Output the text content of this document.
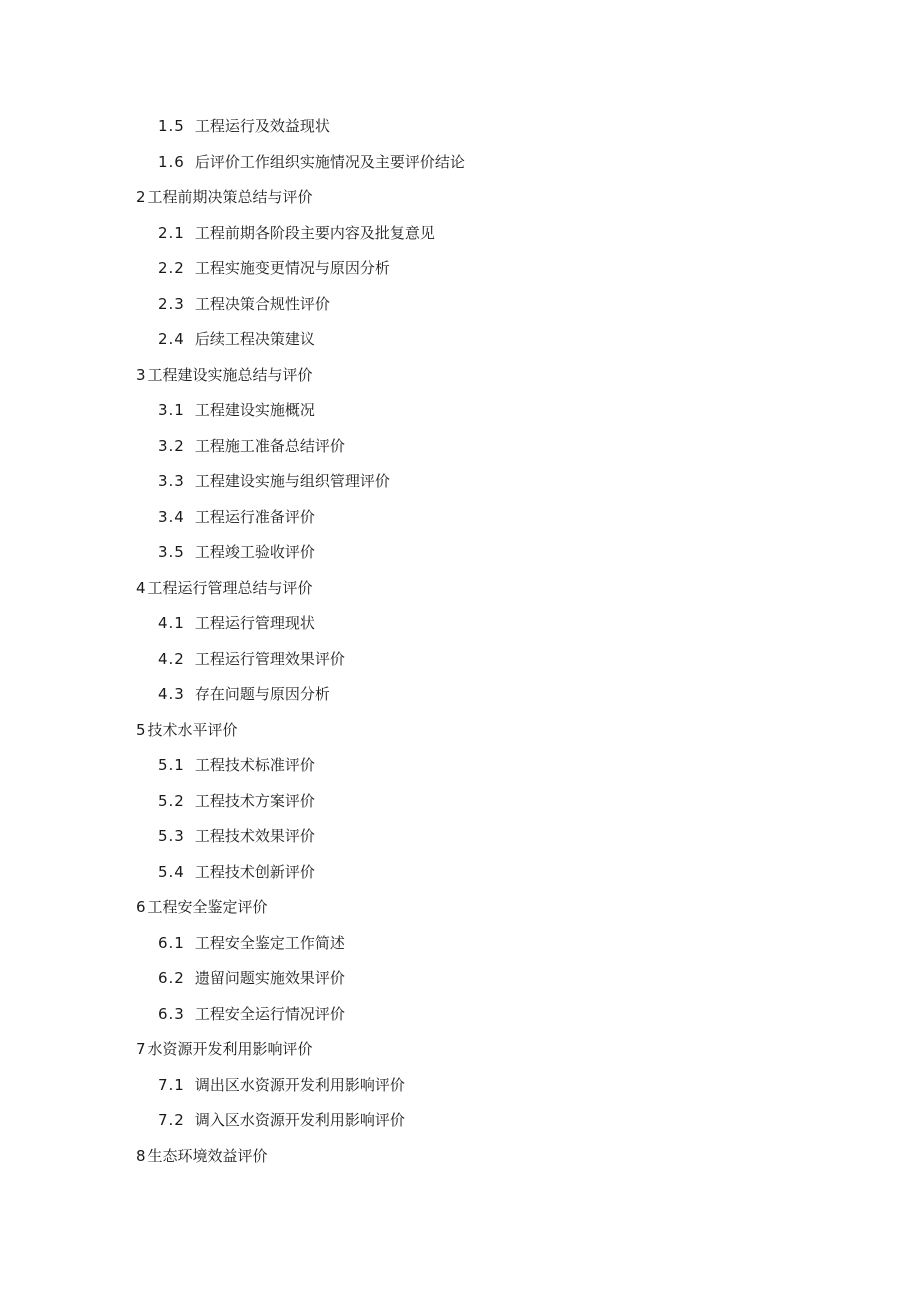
1.5 工程运行及效益现状
1.6 后评价工作组织实施情况及主要评价结论
2 工程前期决策总结与评价
2.1 工程前期各阶段主要内容及批复意见
2.2 工程实施变更情况与原因分析
2.3 工程决策合规性评价
2.4 后续工程决策建议
3 工程建设实施总结与评价
3.1 工程建设实施概况
3.2 工程施工准备总结评价
3.3 工程建设实施与组织管理评价
3.4 工程运行准备评价
3.5 工程竣工验收评价
4 工程运行管理总结与评价
4.1 工程运行管理现状
4.2 工程运行管理效果评价
4.3 存在问题与原因分析
5 技术水平评价
5.1 工程技术标准评价
5.2 工程技术方案评价
5.3 工程技术效果评价
5.4 工程技术创新评价
6 工程安全鉴定评价
6.1 工程安全鉴定工作简述
6.2 遗留问题实施效果评价
6.3 工程安全运行情况评价
7 水资源开发利用影响评价
7.1 调出区水资源开发利用影响评价
7.2 调入区水资源开发利用影响评价
8 生态环境效益评价
